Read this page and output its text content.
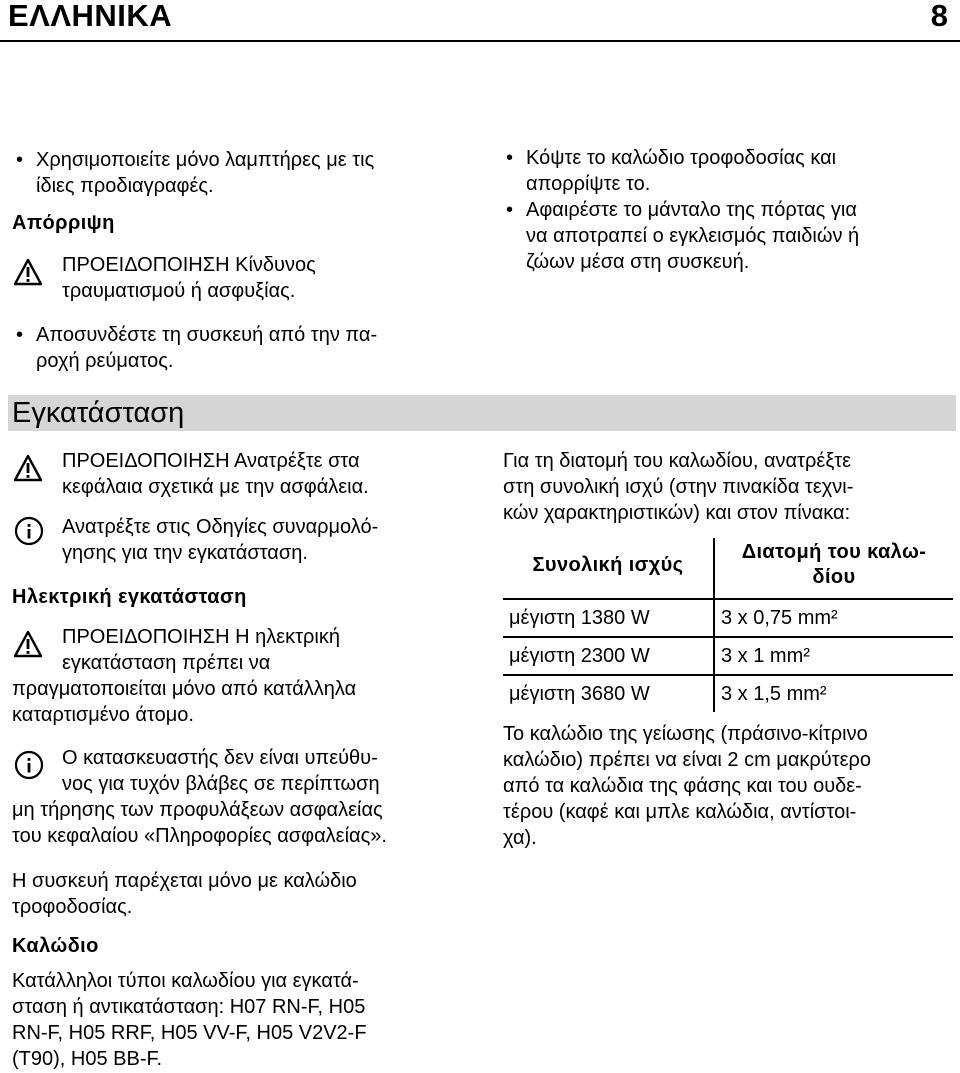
ΕΛΛΗΝΙΚΑ	8
• Χρησιμοποιείτε μόνο λαμπτήρες με τις
ίδιες προδιαγραφές.
Απόρριψη
ΠΡΟΕΙΔΟΠΟΙΗΣΗ Κίνδυνος
τραυματισμού ή ασφυξίας.
• Αποσυνδέστε τη συσκευή από την πα-
ροχή ρεύματος.
Εγκατάσταση
ΠΡΟΕΙΔΟΠΟΙΗΣΗ Ανατρέξτε στα
κεφάλαια σχετικά με την ασφάλεια.
Ανατρέξτε στις Οδηγίες συναρμολό-
γησης για την εγκατάσταση.
Ηλεκτρική εγκατάσταση
ΠΡΟΕΙΔΟΠΟΙΗΣΗ Η ηλεκτρική
εγκατάσταση πρέπει να
πραγματοποιείται μόνο από κατάλληλα
καταρτισμένο άτομο.
Ο κατασκευαστής δεν είναι υπεύθυ-
νος για τυχόν βλάβες σε περίπτωση
μη τήρησης των προφυλάξεων ασφαλείας
του κεφαλαίου «Πληροφορίες ασφαλείας».
Η συσκευή παρέχεται μόνο με καλώδιο
τροφοδοσίας.
Καλώδιο
Κατάλληλοι τύποι καλωδίου για εγκατά-
σταση ή αντικατάσταση: H07 RN-F, H05
RN-F, H05 RRF, H05 VV-F, H05 V2V2-F
(T90), H05 BB-F.
• Κόψτε το καλώδιο τροφοδοσίας και
απορρίψτε το.
• Αφαιρέστε το μάνταλο της πόρτας για
να αποτραπεί ο εγκλεισμός παιδιών ή
ζώων μέσα στη συσκευή.
Για τη διατομή του καλωδίου, ανατρέξτε
στη συνολική ισχύ (στην πινακίδα τεχνι-
κών χαρακτηριστικών) και στον πίνακα:
Συνολική ισχύς	Διατομή του καλω-
δίου

μέγιστη 1380 W	3 x 0,75 mm²
μέγιστη 2300 W	3 x 1 mm²
μέγιστη 3680 W	3 x 1,5 mm²
Το καλώδιο της γείωσης (πράσινο-κίτρινο
καλώδιο) πρέπει να είναι 2 cm μακρύτερο
από τα καλώδια της φάσης και του ουδε-
τέρου (καφέ και μπλε καλώδια, αντίστοι-
χα).
